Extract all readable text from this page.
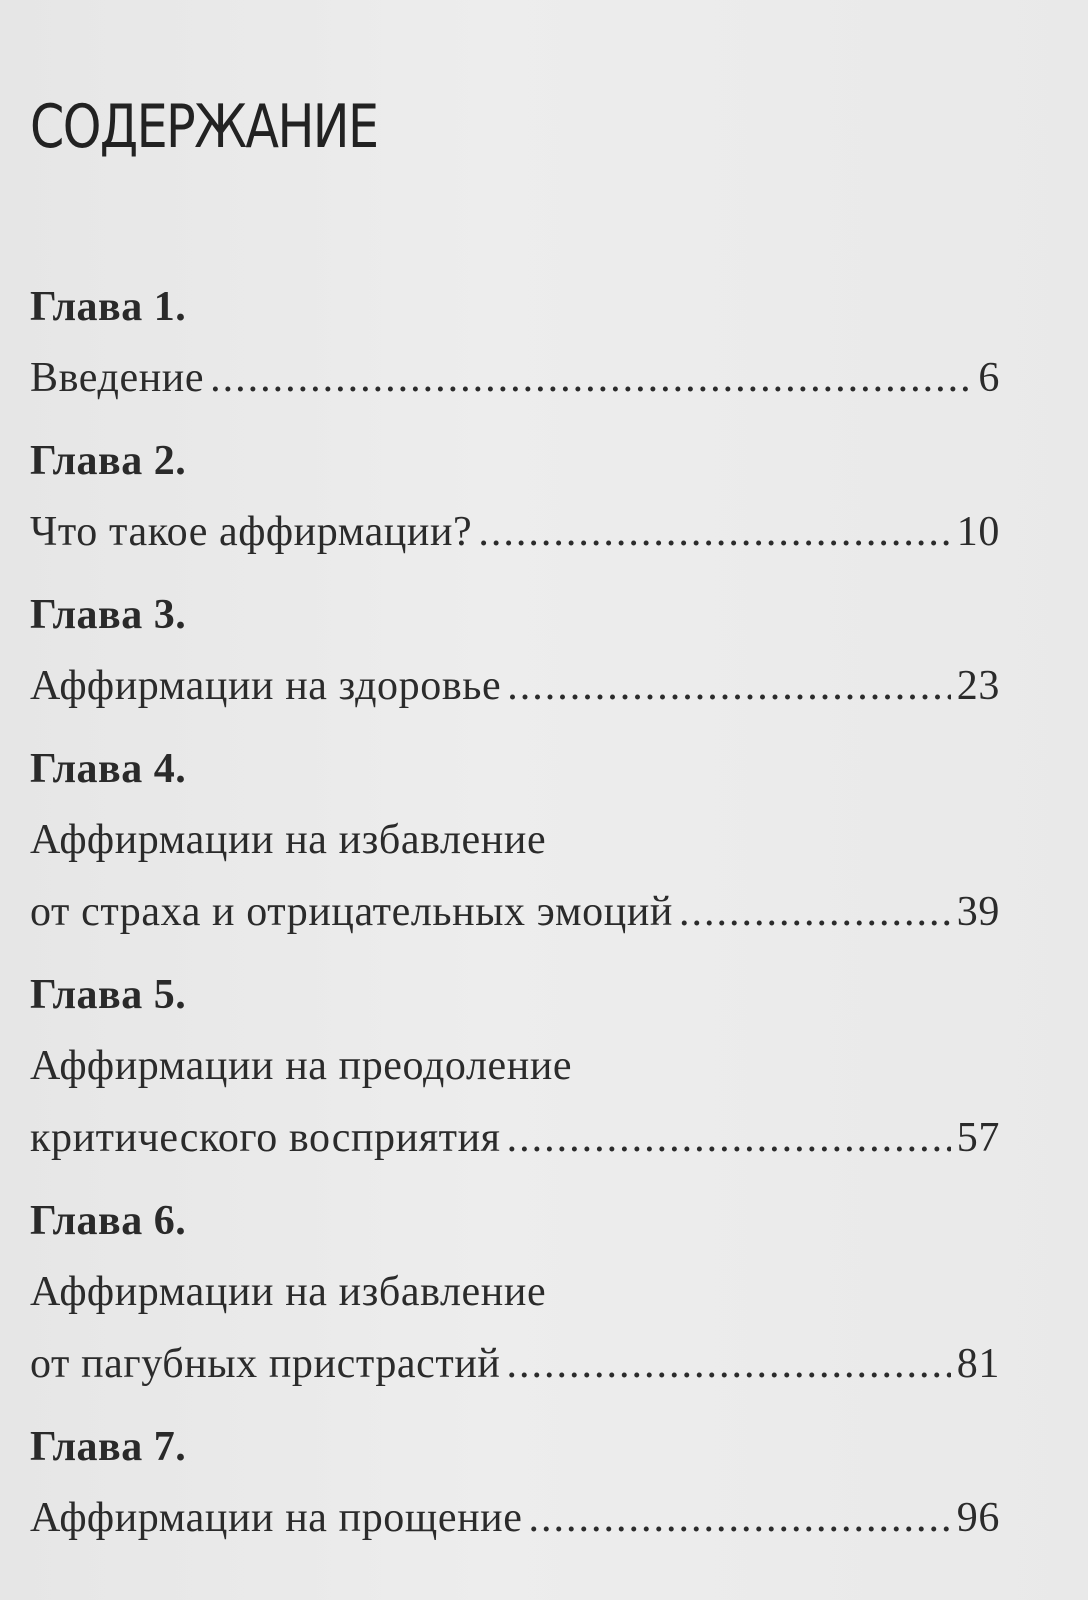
СОДЕРЖАНИЕ
Глава 1.
Введение .....	6
Глава 2.
Что такое аффирмации? .....	10
Глава 3.
Аффирмации на здоровье .....	23
Глава 4.
Аффирмации на избавление
от страха и отрицательных эмоций .....	39
Глава 5.
Аффирмации на преодоление
критического восприятия .....	57
Глава 6.
Аффирмации на избавление
от пагубных пристрастий .....	81
Глава 7.
Аффирмации на прощение .....	96
